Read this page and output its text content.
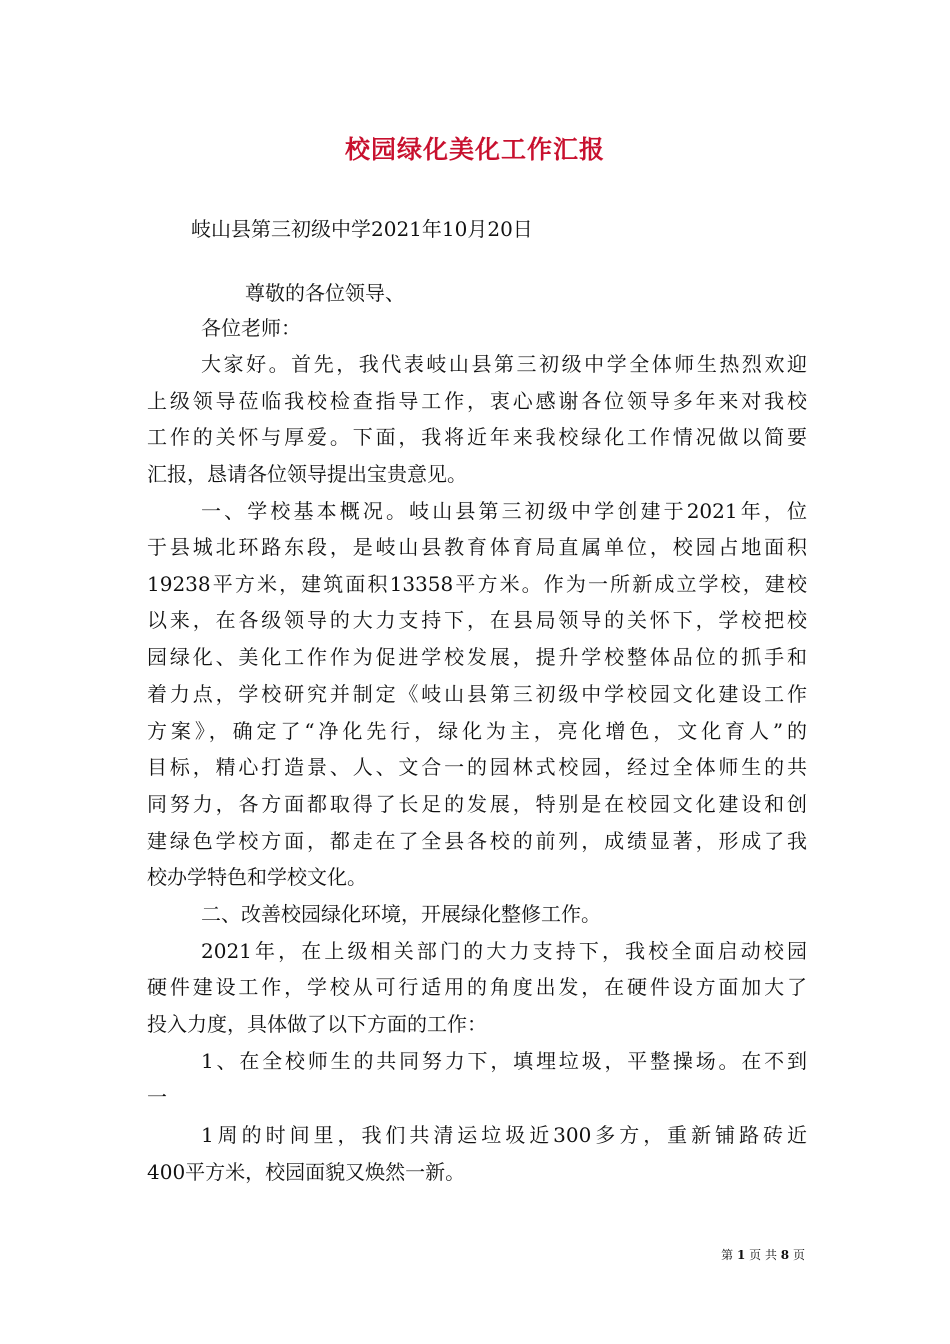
校园绿化美化工作汇报
岐山县第三初级中学2021年10月20日
尊敬的各位领导、
各位老师：
大家好。首先，我代表岐山县第三初级中学全体师生热烈欢迎
上级领导莅临我校检查指导工作，衷心感谢各位领导多年来对我校
工作的关怀与厚爱。下面，我将近年来我校绿化工作情况做以简要
汇报，恳请各位领导提出宝贵意见。
一、学校基本概况。岐山县第三初级中学创建于2021年，位
于县城北环路东段，是岐山县教育体育局直属单位，校园占地面积
19238平方米，建筑面积13358平方米。作为一所新成立学校，建校
以来，在各级领导的大力支持下，在县局领导的关怀下，学校把校
园绿化、美化工作作为促进学校发展，提升学校整体品位的抓手和
着力点，学校研究并制定《岐山县第三初级中学校园文化建设工作
方案》，确定了“净化先行，绿化为主，亮化增色，文化育人”的
目标，精心打造景、人、文合一的园林式校园，经过全体师生的共
同努力，各方面都取得了长足的发展，特别是在校园文化建设和创
建绿色学校方面，都走在了全县各校的前列，成绩显著，形成了我
校办学特色和学校文化。
二、改善校园绿化环境，开展绿化整修工作。
2021年，在上级相关部门的大力支持下，我校全面启动校园
硬件建设工作，学校从可行适用的角度出发，在硬件设方面加大了
投入力度，具体做了以下方面的工作：
1、在全校师生的共同努力下，填埋垃圾，平整操场。在不到
一
1周的时间里，我们共清运垃圾近300多方，重新铺路砖近
400平方米，校园面貌又焕然一新。
第 1 页 共 8 页
